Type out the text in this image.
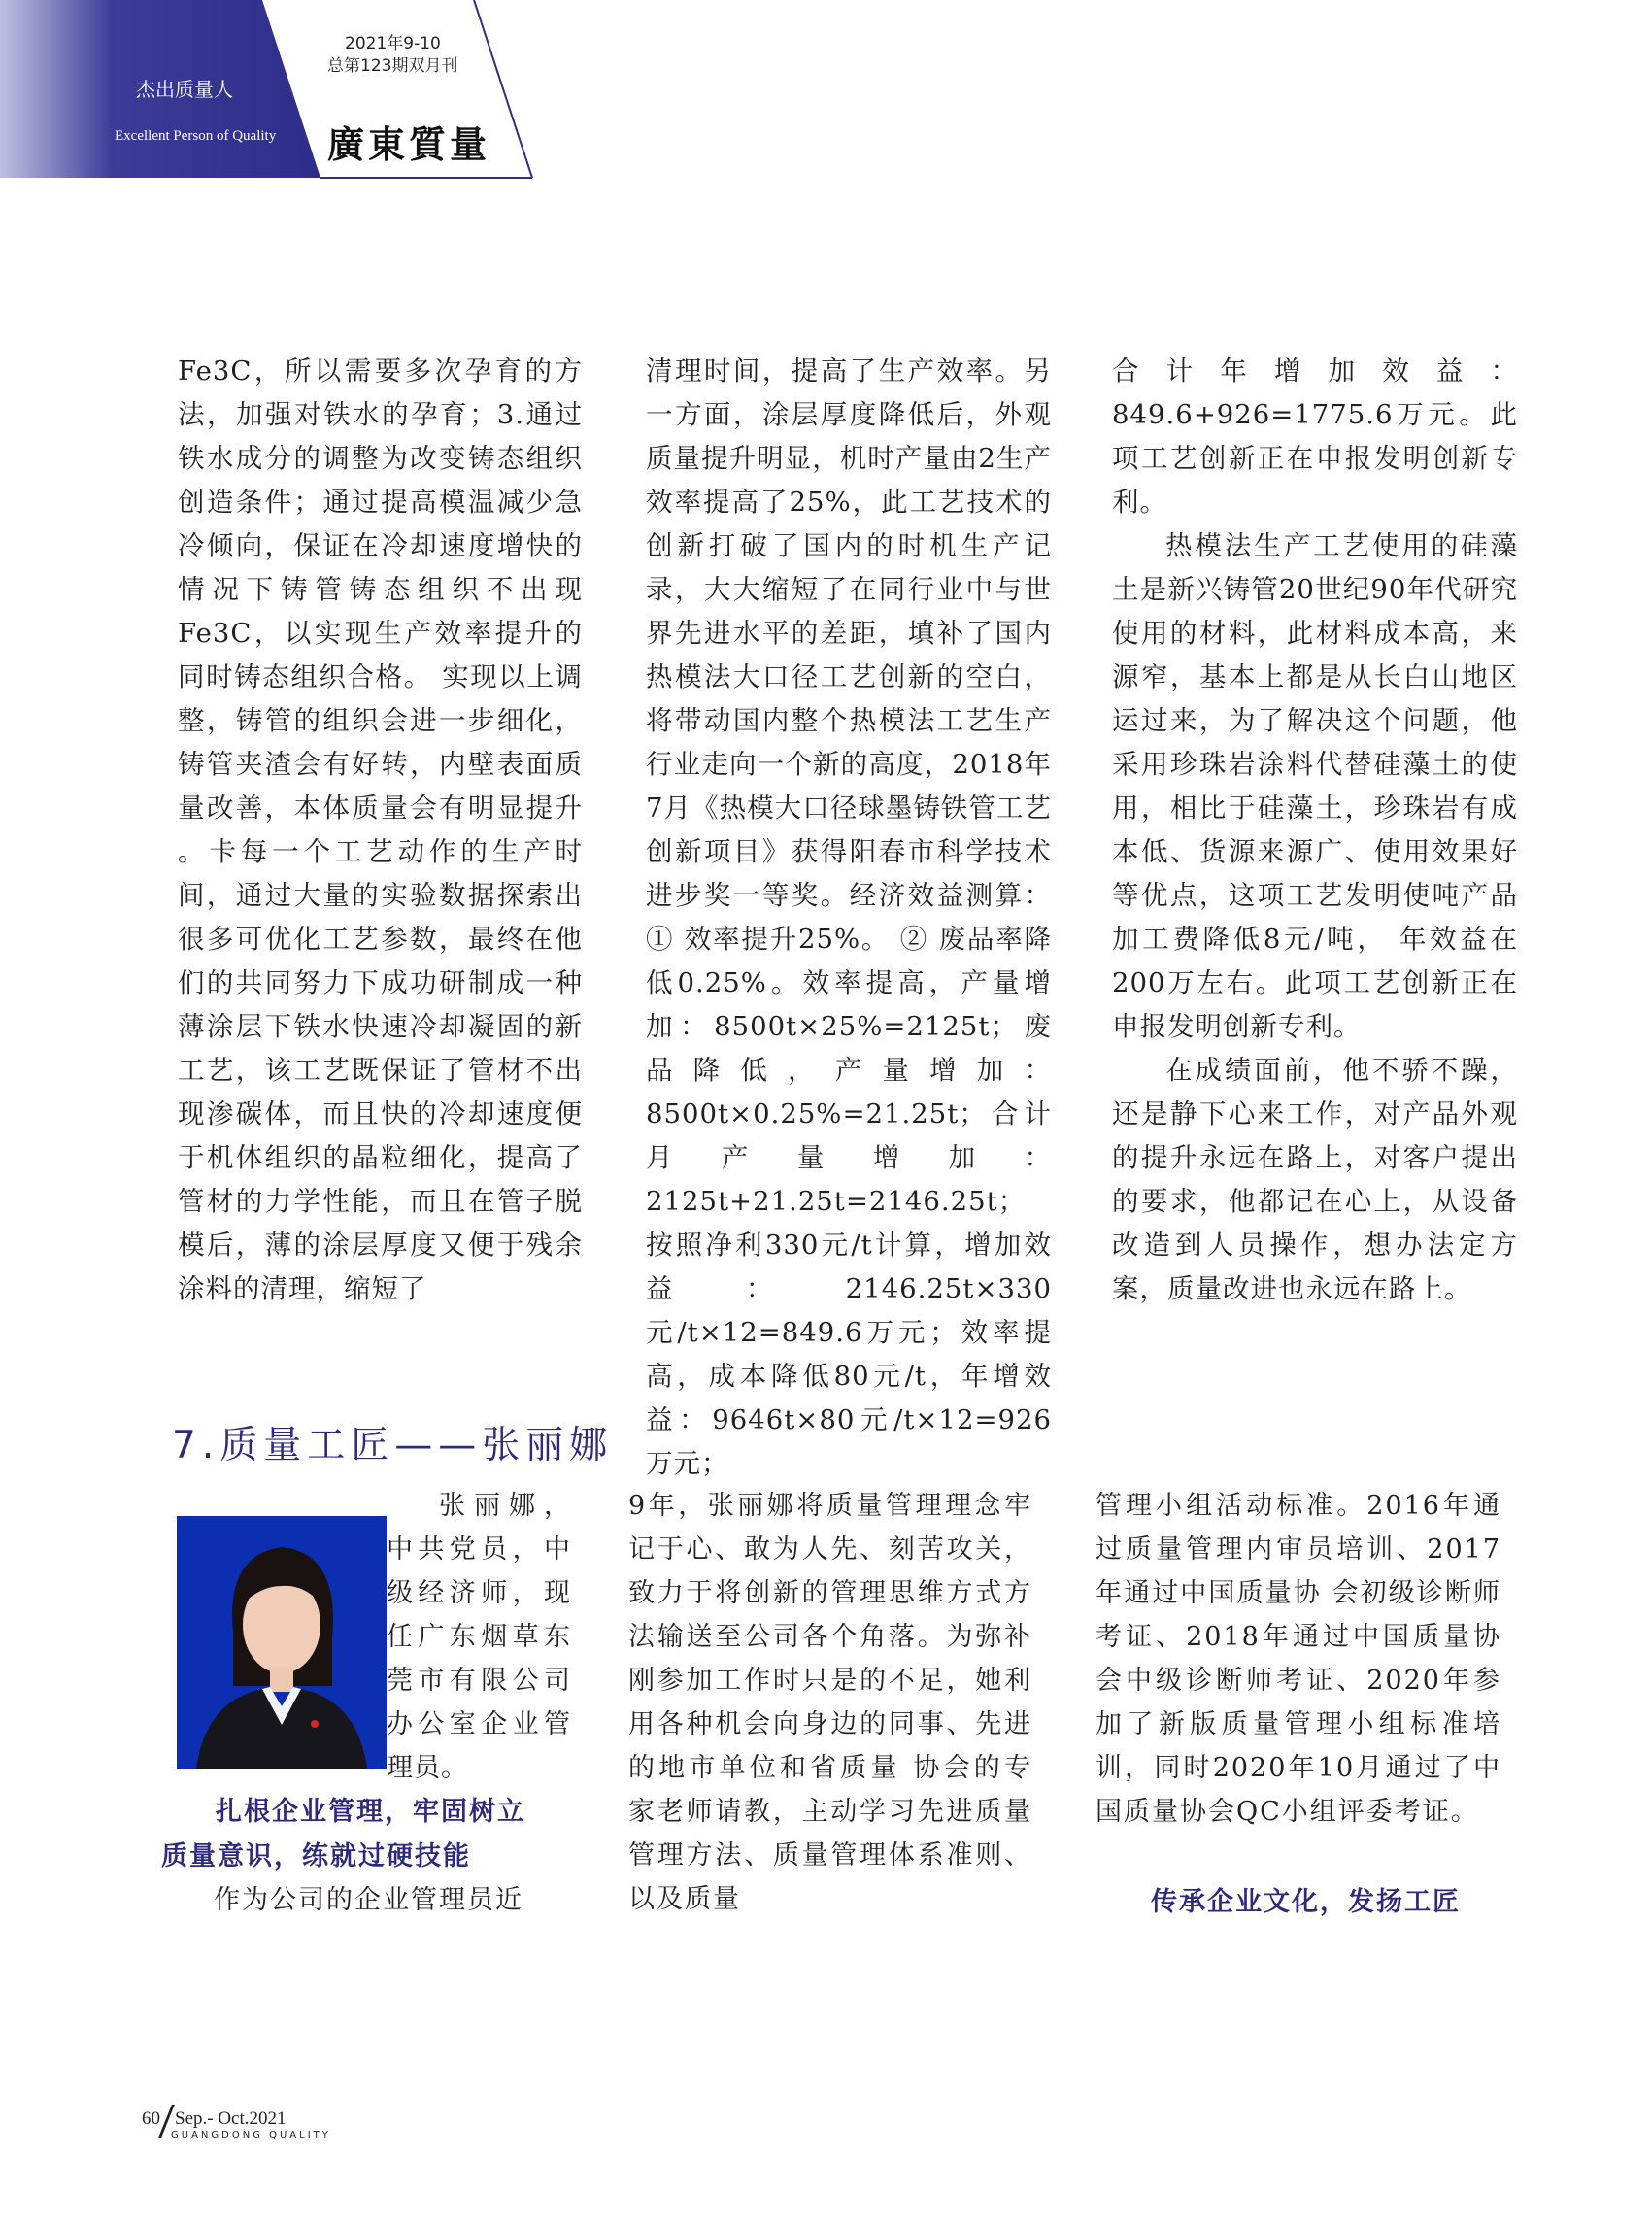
杰出质量人
Excellent Person of Quality
2021年9-10
总第123期双月刊
廣東質量

Fe3C，所以需要多次孕育的方法，加强对铁水的孕育；3.通过铁水成分的调整为改变铸态组织创造条件；通过提高模温减少急冷倾向，保证在冷却速度增快的情况下铸管铸态组织不出现Fe3C，以实现生产效率提升的同时铸态组织合格。 实现以上调整，铸管的组织会进一步细化，铸管夹渣会有好转，内壁表面质量改善，本体质量会有明显提升 。卡每一个工艺动作的生产时间，通过大量的实验数据探索出很多可优化工艺参数，最终在他们的共同努力下成功研制成一种薄涂层下铁水快速冷却凝固的新工艺，该工艺既保证了管材不出现渗碳体，而且快的冷却速度便于机体组织的晶粒细化，提高了管材的力学性能，而且在管子脱模后，薄的涂层厚度又便于残余涂料的清理，缩短了

清理时间，提高了生产效率。另一方面，涂层厚度降低后，外观质量提升明显，机时产量由2生产效率提高了25%，此工艺技术的创新打破了国内的时机生产记录，大大缩短了在同行业中与世界先进水平的差距，填补了国内热模法大口径工艺创新的空白，将带动国内整个热模法工艺生产行业走向一个新的高度，2018年7月《热模大口径球墨铸铁管工艺创新项目》获得阳春市科学技术进步奖一等奖。经济效益测算：① 效率提升25%。 ② 废品率降低0.25%。效率提高，产量增加：8500t×25%=2125t；废品降低，产量增加：8500t×0.25%=21.25t；合计月产量增加：2125t+21.25t=2146.25t；按照净利330元/t计算，增加效益：2146.25t×330元/t×12=849.6万元；效率提高，成本降低80元/t，年增效益：9646t×80元/t×12=926万元；

合计年增加效益：849.6+926=1775.6万元。此项工艺创新正在申报发明创新专利。

热模法生产工艺使用的硅藻土是新兴铸管20世纪90年代研究使用的材料，此材料成本高，来源窄，基本上都是从长白山地区运过来，为了解决这个问题，他采用珍珠岩涂料代替硅藻土的使用，相比于硅藻土，珍珠岩有成本低、货源来源广、使用效果好等优点，这项工艺发明使吨产品加工费降低8元/吨， 年效益在200万左右。此项工艺创新正在申报发明创新专利。

在成绩面前，他不骄不躁，还是静下心来工作，对产品外观的提升永远在路上，对客户提出的要求，他都记在心上，从设备改造到人员操作，想办法定方案，质量改进也永远在路上。

7.质量工匠——张丽娜
张丽娜，中共党员，中级经济师，现任广东烟草东莞市有限公司办公室企业管理员。
扎根企业管理，牢固树立
质量意识，练就过硬技能
作为公司的企业管理员近
9年，张丽娜将质量管理理念牢记于心、敢为人先、刻苦攻关，致力于将创新的管理思维方式方法输送至公司各个角落。为弥补刚参加工作时只是的不足，她利用各种机会向身边的同事、先进的地市单位和省质量 协会的专家老师请教，主动学习先进质量管理方法、质量管理体系准则、以及质量
管理小组活动标准。2016年通过质量管理内审员培训、2017年通过中国质量协 会初级诊断师考证、2018年通过中国质量协会中级诊断师考证、2020年参加了新版质量管理小组标准培训，同时2020年10月通过了中国质量协会QC小组评委考证。
传承企业文化，发扬工匠
60 Sep.- Oct.2021
GUANGDONG QUALITY
